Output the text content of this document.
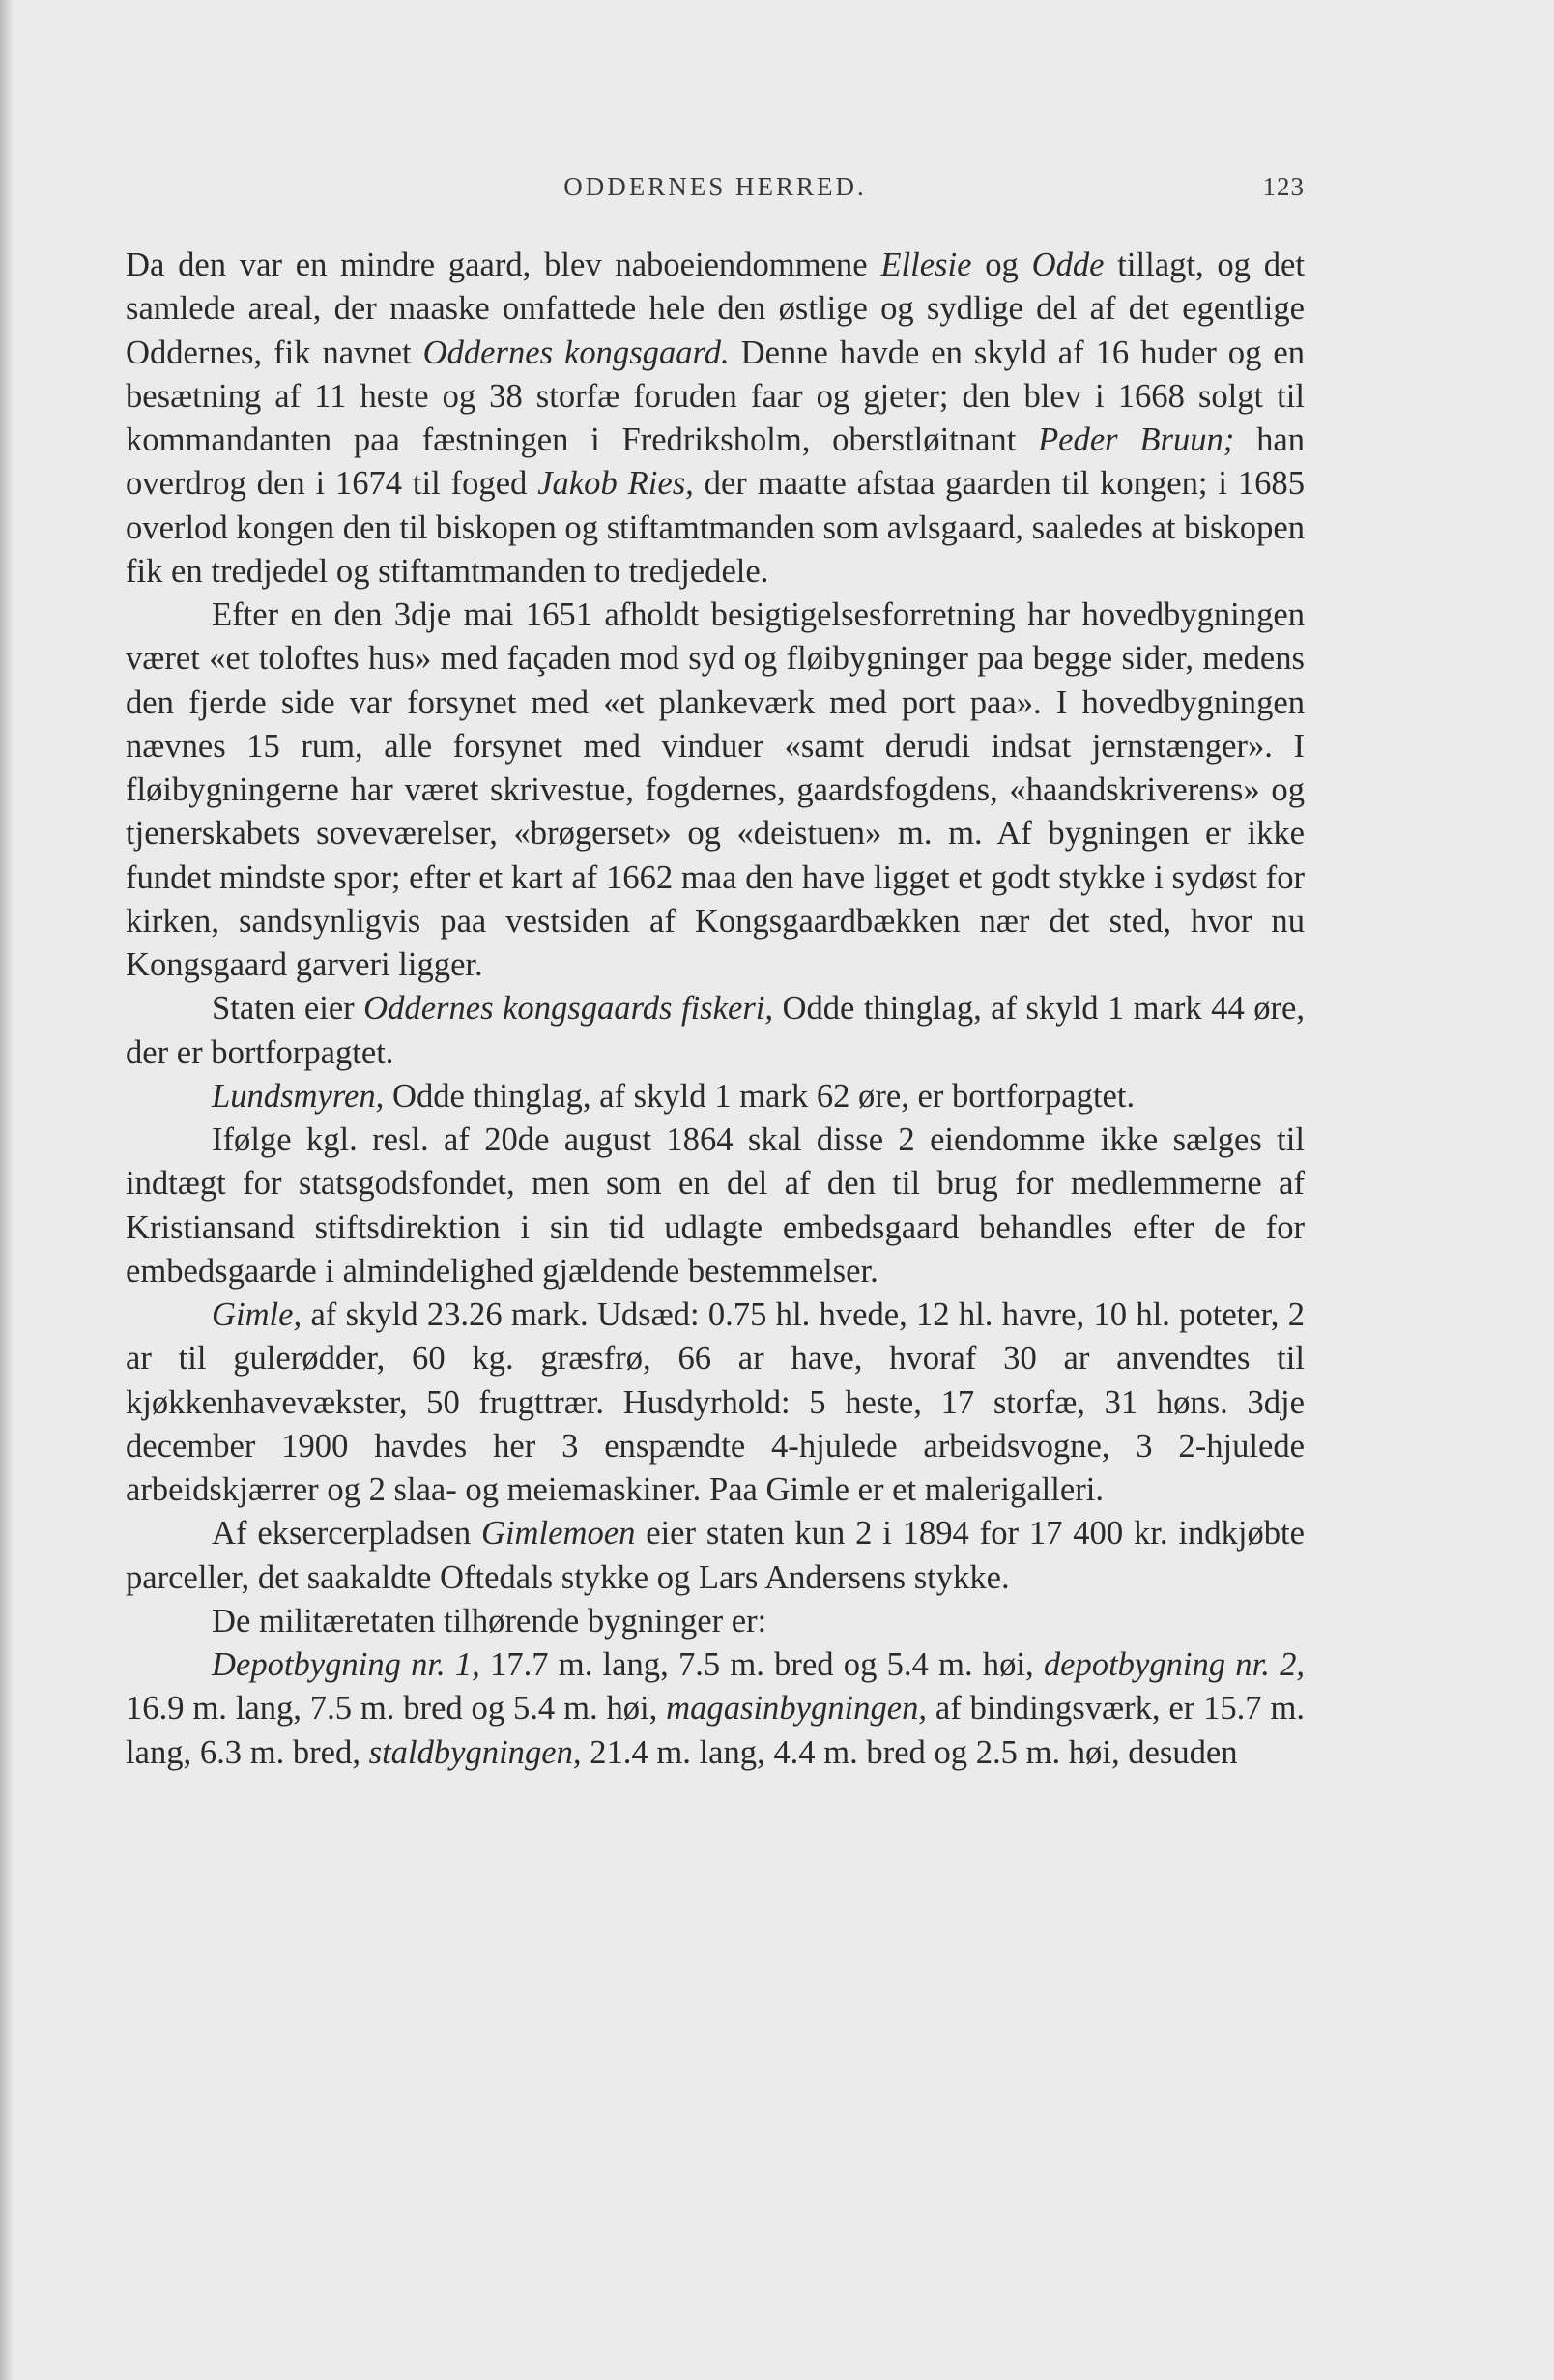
ODDERNES HERRED.	123

Da den var en mindre gaard, blev naboeiendommene Ellesie og Odde tillagt, og det samlede areal, der maaske omfattede hele den østlige og sydlige del af det egentlige Oddernes, fik navnet Oddernes kongsgaard. Denne havde en skyld af 16 huder og en besætning af 11 heste og 38 storfæ foruden faar og gjeter; den blev i 1668 solgt til kommandanten paa fæstningen i Fredriksholm, oberstløitnant Peder Bruun; han overdrog den i 1674 til foged Jakob Ries, der maatte afstaa gaarden til kongen; i 1685 overlod kongen den til biskopen og stiftamtmanden som avlsgaard, saaledes at biskopen fik en tredjedel og stiftamtmanden to tredjedele.

Efter en den 3dje mai 1651 afholdt besigtigelsesforretning har hovedbygningen været «et toloftes hus» med façaden mod syd og fløibygninger paa begge sider, medens den fjerde side var forsynet med «et plankeværk med port paa». I hovedbygningen nævnes 15 rum, alle forsynet med vinduer «samt derudi indsat jernstænger». I fløibygningerne har været skrivestue, fogdernes, gaardsfogdens, «haandskriverens» og tjenerskabets soveværelser, «brøgerset» og «deistuen» m. m. Af bygningen er ikke fundet mindste spor; efter et kart af 1662 maa den have ligget et godt stykke i sydøst for kirken, sandsynligvis paa vestsiden af Kongsgaardbækken nær det sted, hvor nu Kongsgaard garveri ligger.

Staten eier Oddernes kongsgaards fiskeri, Odde thinglag, af skyld 1 mark 44 øre, der er bortforpagtet.

Lundsmyren, Odde thinglag, af skyld 1 mark 62 øre, er bortforpagtet.

Ifølge kgl. resl. af 20de august 1864 skal disse 2 eiendomme ikke sælges til indtægt for statsgodsfondet, men som en del af den til brug for medlemmerne af Kristiansand stiftsdirektion i sin tid udlagte embedsgaard behandles efter de for embedsgaarde i almindelighed gjældende bestemmelser.

Gimle, af skyld 23.26 mark. Udsæd: 0.75 hl. hvede, 12 hl. havre, 10 hl. poteter, 2 ar til gulerødder, 60 kg. græsfrø, 66 ar have, hvoraf 30 ar anvendtes til kjøkkenhavevækster, 50 frugttrær. Husdyrhold: 5 heste, 17 storfæ, 31 høns. 3dje december 1900 havdes her 3 enspændte 4-hjulede arbeidsvogne, 3 2-hjulede arbeidskjærrer og 2 slaa- og meiemaskiner. Paa Gimle er et malerigalleri.

Af eksercerpladsen Gimlemoen eier staten kun 2 i 1894 for 17 400 kr. indkjøbte parceller, det saakaldte Oftedals stykke og Lars Andersens stykke.

De militæretaten tilhørende bygninger er:

Depotbygning nr. 1, 17.7 m. lang, 7.5 m. bred og 5.4 m. høi, depotbygning nr. 2, 16.9 m. lang, 7.5 m. bred og 5.4 m. høi, magasinbygningen, af bindingsværk, er 15.7 m. lang, 6.3 m. bred, staldbygningen, 21.4 m. lang, 4.4 m. bred og 2.5 m. høi, desuden
